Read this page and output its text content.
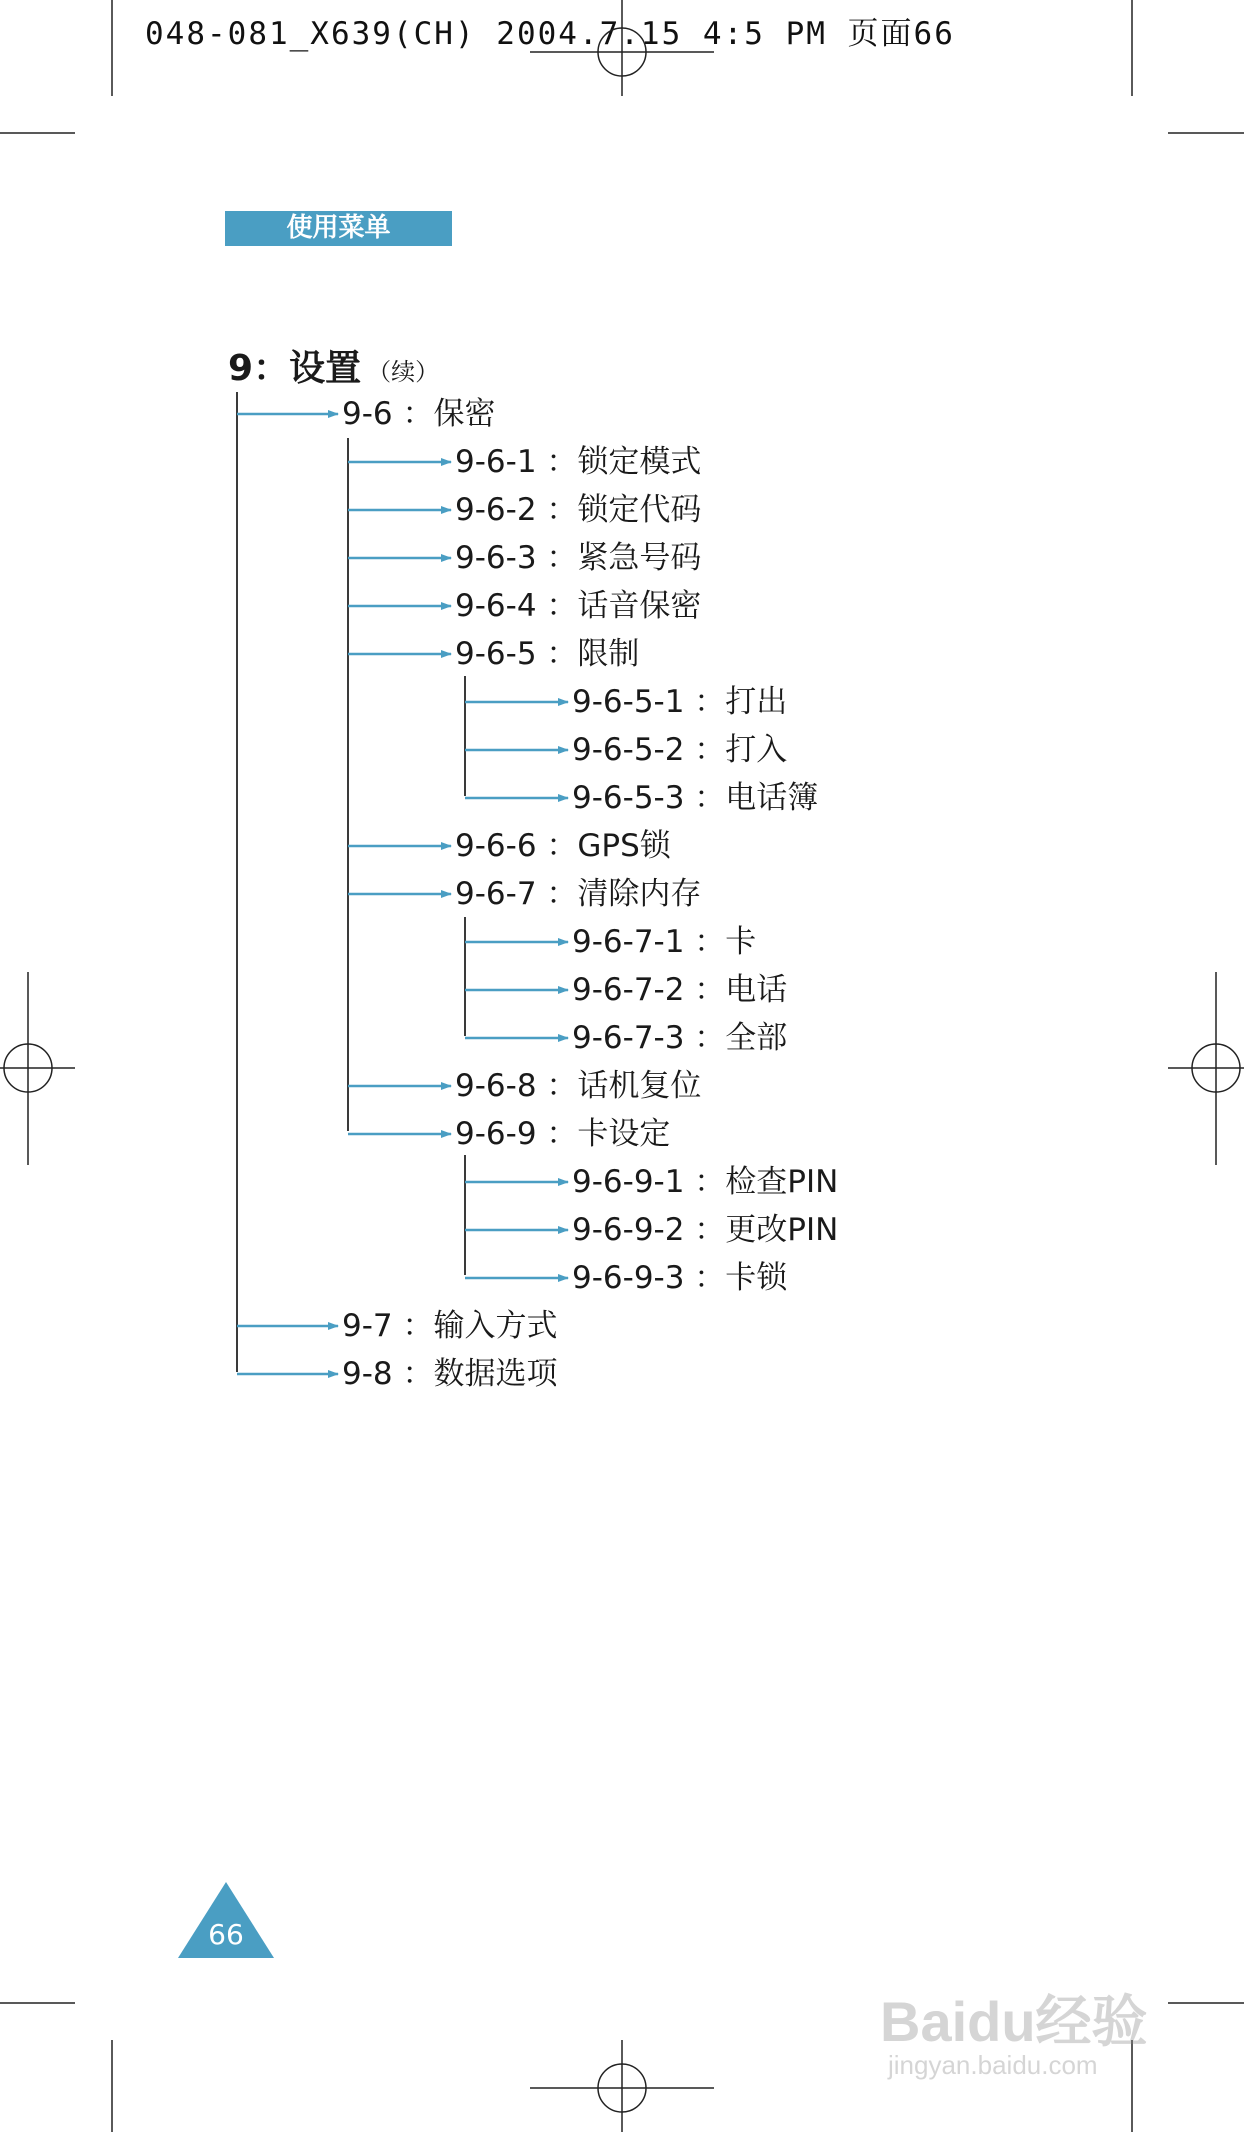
048-081_X639(CH) 2004.7.15 4:5 PM 页面66
使用菜单
9：设置 （续）
9-6 ：保密
9-6-1 ：锁定模式
9-6-2 ：锁定代码
9-6-3 ：紧急号码
9-6-4 ：话音保密
9-6-5 ：限制
9-6-5-1 ：打出
9-6-5-2 ：打入
9-6-5-3 ：电话簿
9-6-6 ：GPS锁
9-6-7 ：清除内存
9-6-7-1 ：卡
9-6-7-2 ：电话
9-6-7-3 ：全部
9-6-8 ：话机复位
9-6-9 ：卡设定
9-6-9-1 ：检查PIN
9-6-9-2 ：更改PIN
9-6-9-3 ：卡锁
9-7 ：输入方式
9-8 ：数据选项
66
Baidu经验
jingyan.baidu.com
